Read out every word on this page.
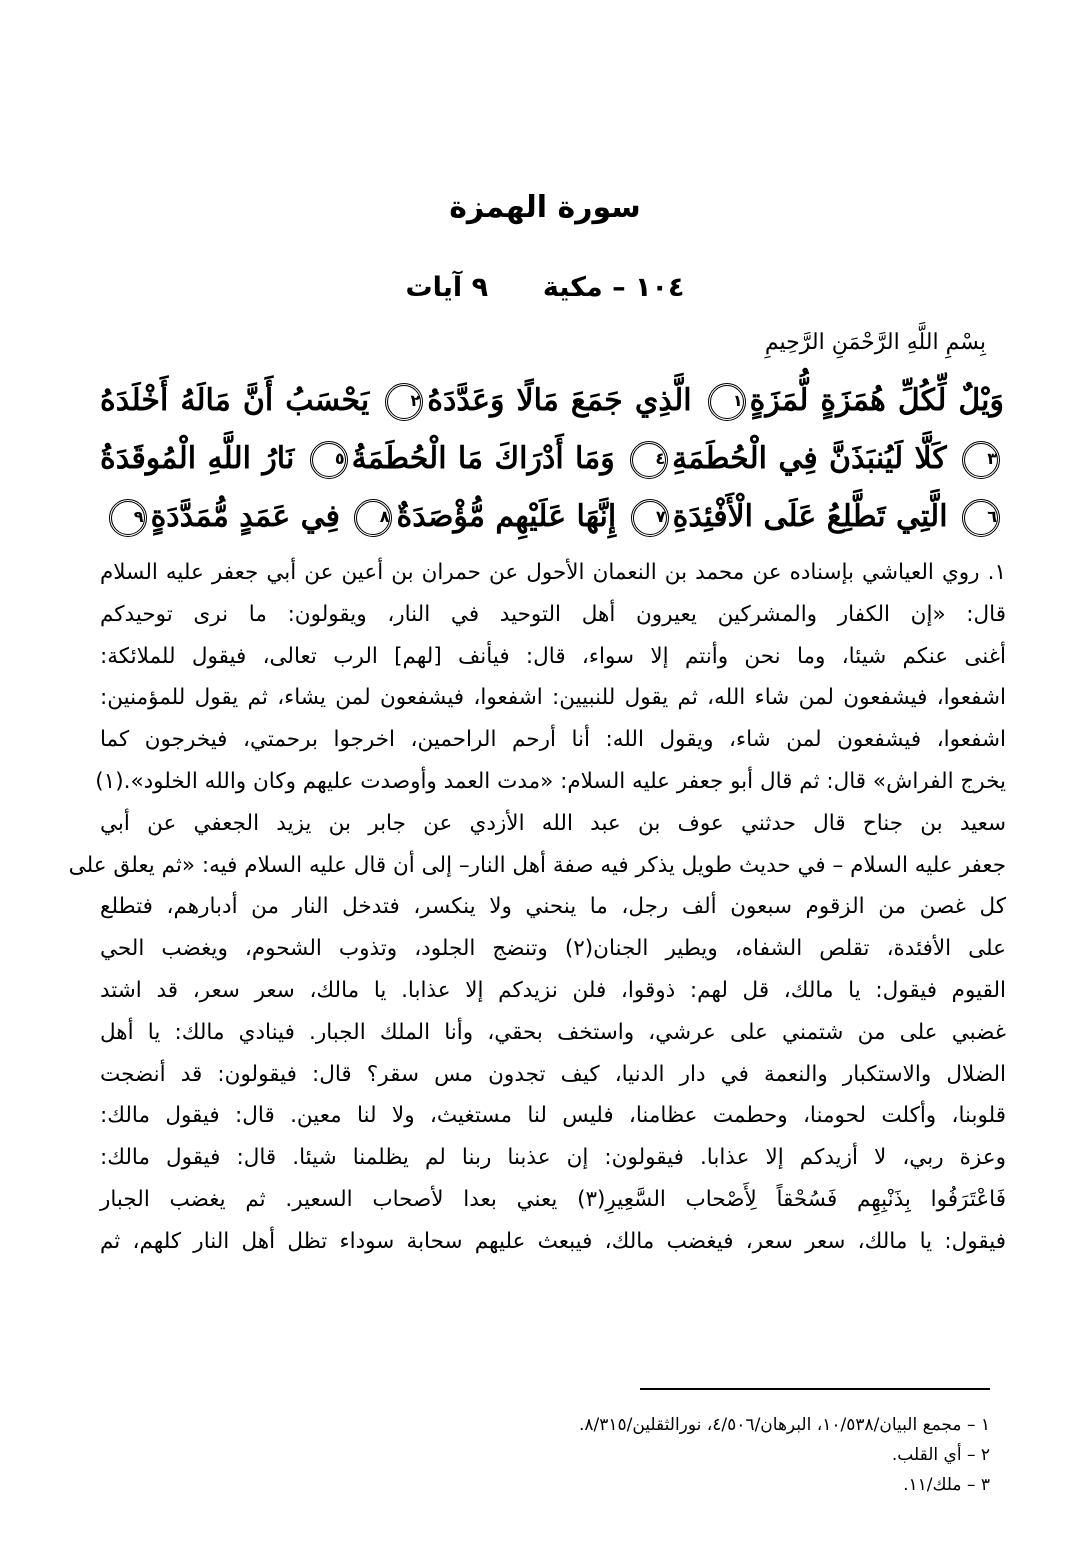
سورة الهمزة
١٠٤ – مكية  ٩ آيات
بِسْمِ اللَّهِ الرَّحْمَنِ الرَّحِيمِ
وَيْلٌ لِّكُلِّ هُمَزَةٍ لُّمَزَةٍ١ الَّذِي جَمَعَ مَالًا وَعَدَّدَهُ٢ يَحْسَبُ أَنَّ مَالَهُ أَخْلَدَهُ٣ كَلَّا لَيُنبَذَنَّ فِي الْحُطَمَةِ٤ وَمَا أَدْرَاكَ مَا الْحُطَمَةُ٥ نَارُ اللَّهِ الْمُوقَدَةُ٦ الَّتِي تَطَّلِعُ عَلَى الْأَفْئِدَةِ٧ إِنَّهَا عَلَيْهِم مُّؤْصَدَةٌ٨ فِي عَمَدٍ مُّمَدَّدَةٍ٩
١. روي العياشي بإسناده عن محمد بن النعمان الأحول عن حمران بن أعين عن أبي جعفر عليه السلام
قال: «إن الكفار والمشركين يعيرون أهل التوحيد في النار، ويقولون: ما نرى توحيدكم
أغنى عنكم شيئا، وما نحن وأنتم إلا سواء، قال: فيأنف [لهم] الرب تعالى، فيقول للملائكة:
اشفعوا، فيشفعون لمن شاء الله، ثم يقول للنبيين: اشفعوا، فيشفعون لمن يشاء، ثم يقول للمؤمنين:
اشفعوا، فيشفعون لمن شاء، ويقول الله: أنا أرحم الراحمين، اخرجوا برحمتي، فيخرجون كما
يخرج الفراش» قال: ثم قال أبو جعفر عليه السلام: «مدت العمد وأوصدت عليهم وكان والله الخلود».(١)
سعيد بن جناح قال حدثني عوف بن عبد الله الأزدي عن جابر بن يزيد الجعفي عن أبي
جعفر عليه السلام – في حديث طويل يذكر فيه صفة أهل النار– إلى أن قال عليه السلام فيه: «ثم يعلق على
كل غصن من الزقوم سبعون ألف رجل، ما ينحني ولا ينكسر، فتدخل النار من أدبارهم، فتطلع
على الأفئدة، تقلص الشفاه، ويطير الجنان(٢) وتنضج الجلود، وتذوب الشحوم، ويغضب الحي
القيوم فيقول: يا مالك، قل لهم: ذوقوا، فلن نزيدكم إلا عذابا. يا مالك، سعر سعر، قد اشتد
غضبي على من شتمني على عرشي، واستخف بحقي، وأنا الملك الجبار. فينادي مالك: يا أهل
الضلال والاستكبار والنعمة في دار الدنيا، كيف تجدون مس سقر؟ قال: فيقولون: قد أنضجت
قلوبنا، وأكلت لحومنا، وحطمت عظامنا، فليس لنا مستغيث، ولا لنا معين. قال: فيقول مالك:
وعزة ربي، لا أزيدكم إلا عذابا. فيقولون: إن عذبنا ربنا لم يظلمنا شيئا. قال: فيقول مالك:
فَاعْتَرَفُوا بِذَنْبِهِم فَسُحْقاً لِأَصْحاب السَّعِيرِ(٣) يعني بعدا لأصحاب السعير. ثم يغضب الجبار
فيقول: يا مالك، سعر سعر، فيغضب مالك، فيبعث عليهم سحابة سوداء تظل أهل النار كلهم، ثم
١ – مجمع البيان/١٠/٥٣٨، البرهان/٤/٥٠٦، نورالثقلين/٨/٣١٥.
٢ – أي القلب.
٣ – ملك/١١.
